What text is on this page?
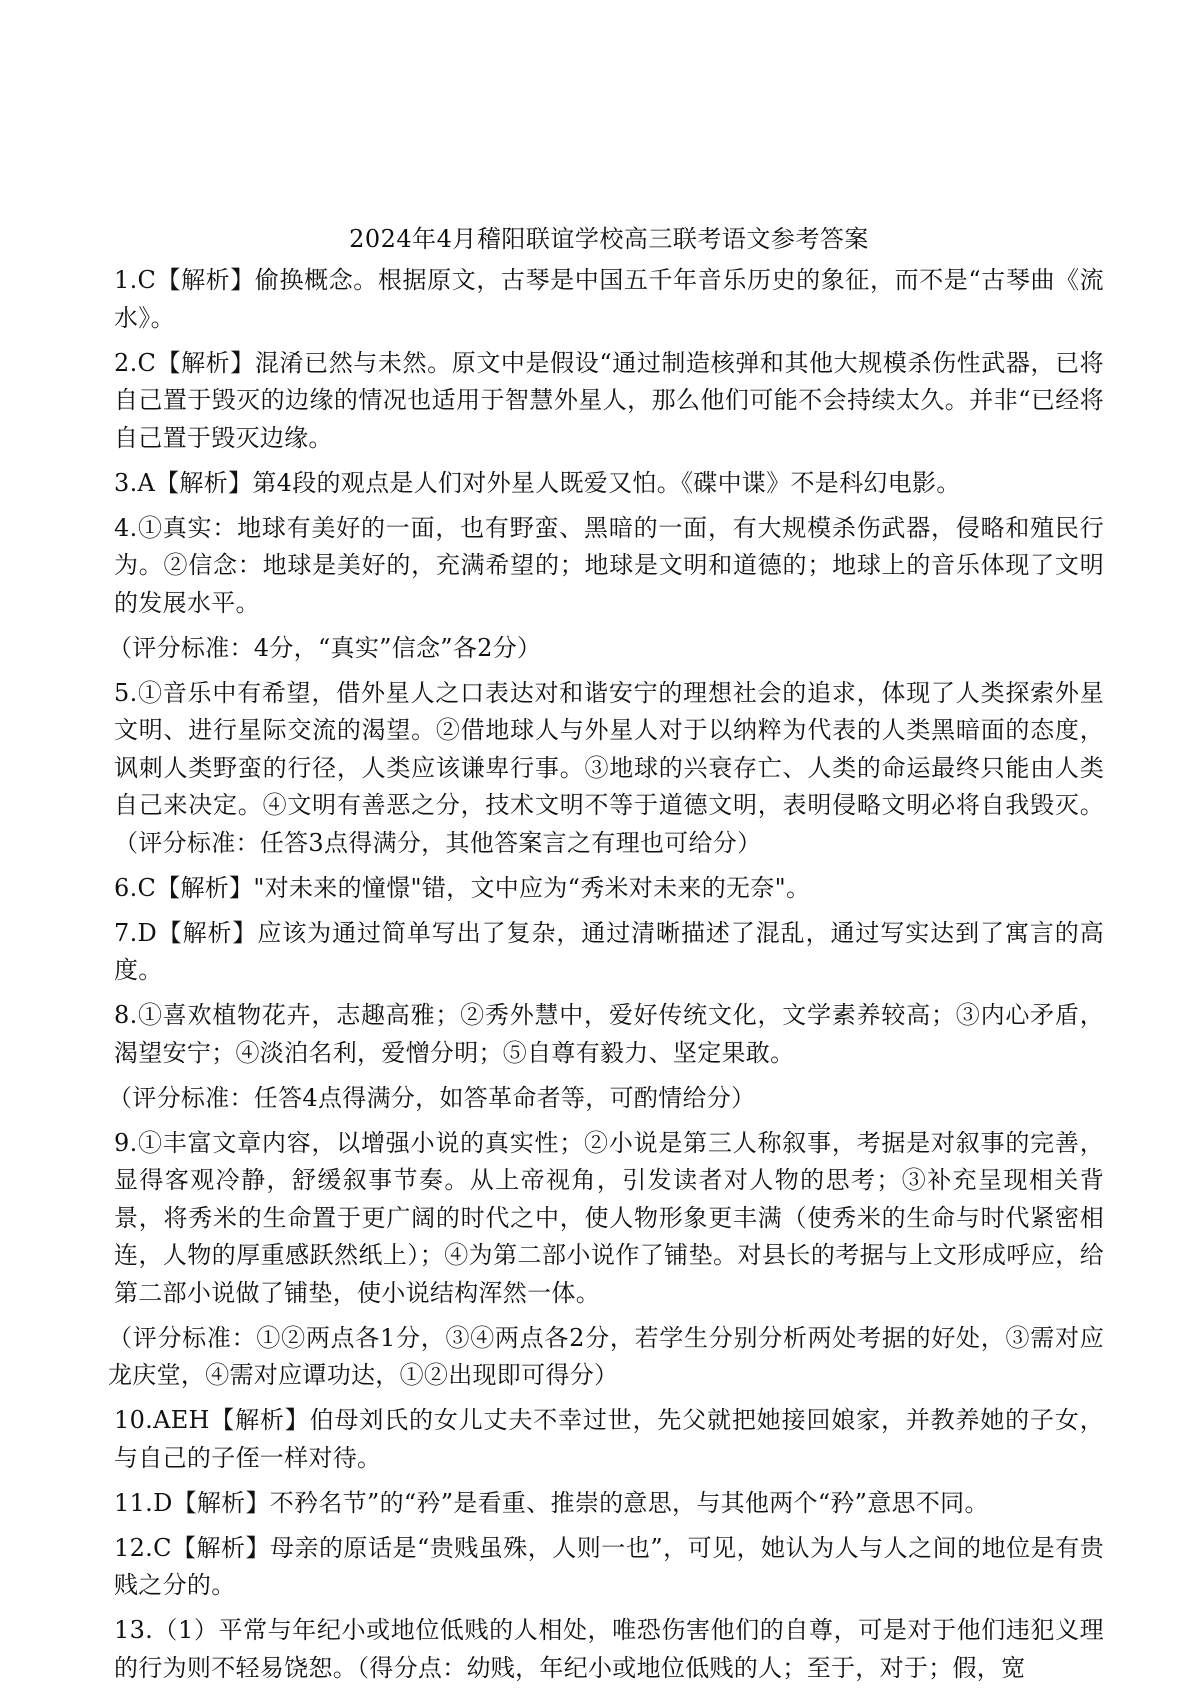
2024年4月稽阳联谊学校高三联考语文参考答案

1.C【解析】偷换概念。根据原文，古琴是中国五千年音乐历史的象征，而不是“古琴曲《流水》。

2.C【解析】混淆已然与未然。原文中是假设“通过制造核弹和其他大规模杀伤性武器，已将自己置于毁灭的边缘的情况也适用于智慧外星人，那么他们可能不会持续太久。并非“已经将自己置于毁灭边缘。

3.A【解析】第4段的观点是人们对外星人既爱又怕。《碟中谍》不是科幻电影。

4.①真实：地球有美好的一面，也有野蛮、黑暗的一面，有大规模杀伤武器，侵略和殖民行为。②信念：地球是美好的，充满希望的；地球是文明和道德的；地球上的音乐体现了文明的发展水平。

（评分标准：4分，“真实”信念”各2分）

5.①音乐中有希望，借外星人之口表达对和谐安宁的理想社会的追求，体现了人类探索外星文明、进行星际交流的渴望。②借地球人与外星人对于以纳粹为代表的人类黑暗面的态度，讽刺人类野蛮的行径，人类应该谦卑行事。③地球的兴衰存亡、人类的命运最终只能由人类自己来决定。④文明有善恶之分，技术文明不等于道德文明，表明侵略文明必将自我毁灭。（评分标准：任答3点得满分，其他答案言之有理也可给分）

6.C【解析】"对未来的憧憬"错，文中应为“秀米对未来的无奈"。

7.D【解析】应该为通过简单写出了复杂，通过清晰描述了混乱，通过写实达到了寓言的高度。

8.①喜欢植物花卉，志趣高雅；②秀外慧中，爱好传统文化，文学素养较高；③内心矛盾，渴望安宁；④淡泊名利，爱憎分明；⑤自尊有毅力、坚定果敢。

（评分标准：任答4点得满分，如答革命者等，可酌情给分）

9.①丰富文章内容，以增强小说的真实性；②小说是第三人称叙事，考据是对叙事的完善，显得客观冷静，舒缓叙事节奏。从上帝视角，引发读者对人物的思考；③补充呈现相关背景，将秀米的生命置于更广阔的时代之中，使人物形象更丰满（使秀米的生命与时代紧密相连，人物的厚重感跃然纸上）；④为第二部小说作了铺垫。对县长的考据与上文形成呼应，给第二部小说做了铺垫，使小说结构浑然一体。

（评分标准：①②两点各1分，③④两点各2分，若学生分别分析两处考据的好处，③需对应龙庆堂，④需对应谭功达，①②出现即可得分）

10.AEH【解析】伯母刘氏的女儿丈夫不幸过世，先父就把她接回娘家，并教养她的子女，与自己的子侄一样对待。

11.D【解析】不矜名节”的“矜”是看重、推崇的意思，与其他两个“矜”意思不同。

12.C【解析】母亲的原话是“贵贱虽殊，人则一也”，可见，她认为人与人之间的地位是有贵贱之分的。

13.（1）平常与年纪小或地位低贱的人相处，唯恐伤害他们的自尊，可是对于他们违犯义理的行为则不轻易饶恕。（得分点：幼贱，年纪小或地位低贱的人；至于，对于；假，宽
